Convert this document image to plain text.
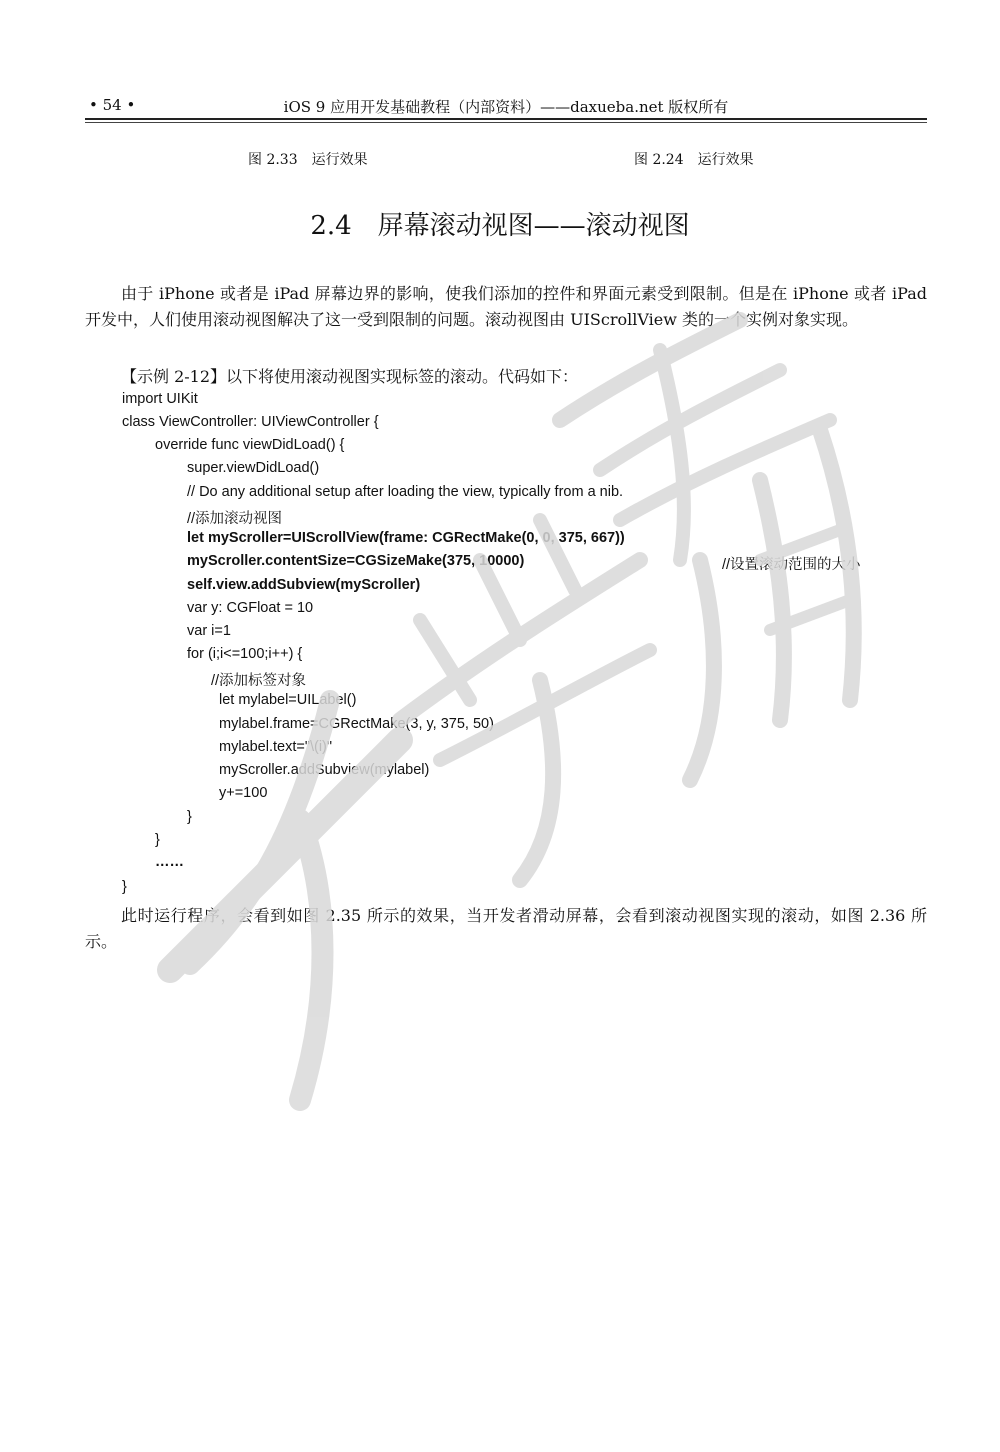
• 54 •	iOS 9 应用开发基础教程（内部资料）——daxueba.net 版权所有
图 2.33　运行效果	图 2.24　运行效果
2.4　屏幕滚动视图——滚动视图

由于 iPhone 或者是 iPad 屏幕边界的影响，使我们添加的控件和界面元素受到限制。但是在 iPhone 或者 iPad 开发中，人们使用滚动视图解决了这一受到限制的问题。滚动视图由 UIScrollView 类的一个实例对象实现。

【示例 2-12】以下将使用滚动视图实现标签的滚动。代码如下：

import UIKit
class ViewController: UIViewController {
override func viewDidLoad() {
super.viewDidLoad()
// Do any additional setup after loading the view, typically from a nib.
//添加滚动视图
let myScroller=UIScrollView(frame: CGRectMake(0, 0, 375, 667))
myScroller.contentSize=CGSizeMake(375, 10000)	//设置滚动范围的大小
self.view.addSubview(myScroller)
var y: CGFloat = 10
var i=1
for (i;i<=100;i++) {
//添加标签对象
let mylabel=UILabel()
mylabel.frame=CGRectMake(3, y, 375, 50)
mylabel.text="\(i)"
myScroller.addSubview(mylabel)
y+=100
}
}
……
}

此时运行程序，会看到如图 2.35 所示的效果，当开发者滑动屏幕，会看到滚动视图实现的滚动，如图 2.36 所示。
